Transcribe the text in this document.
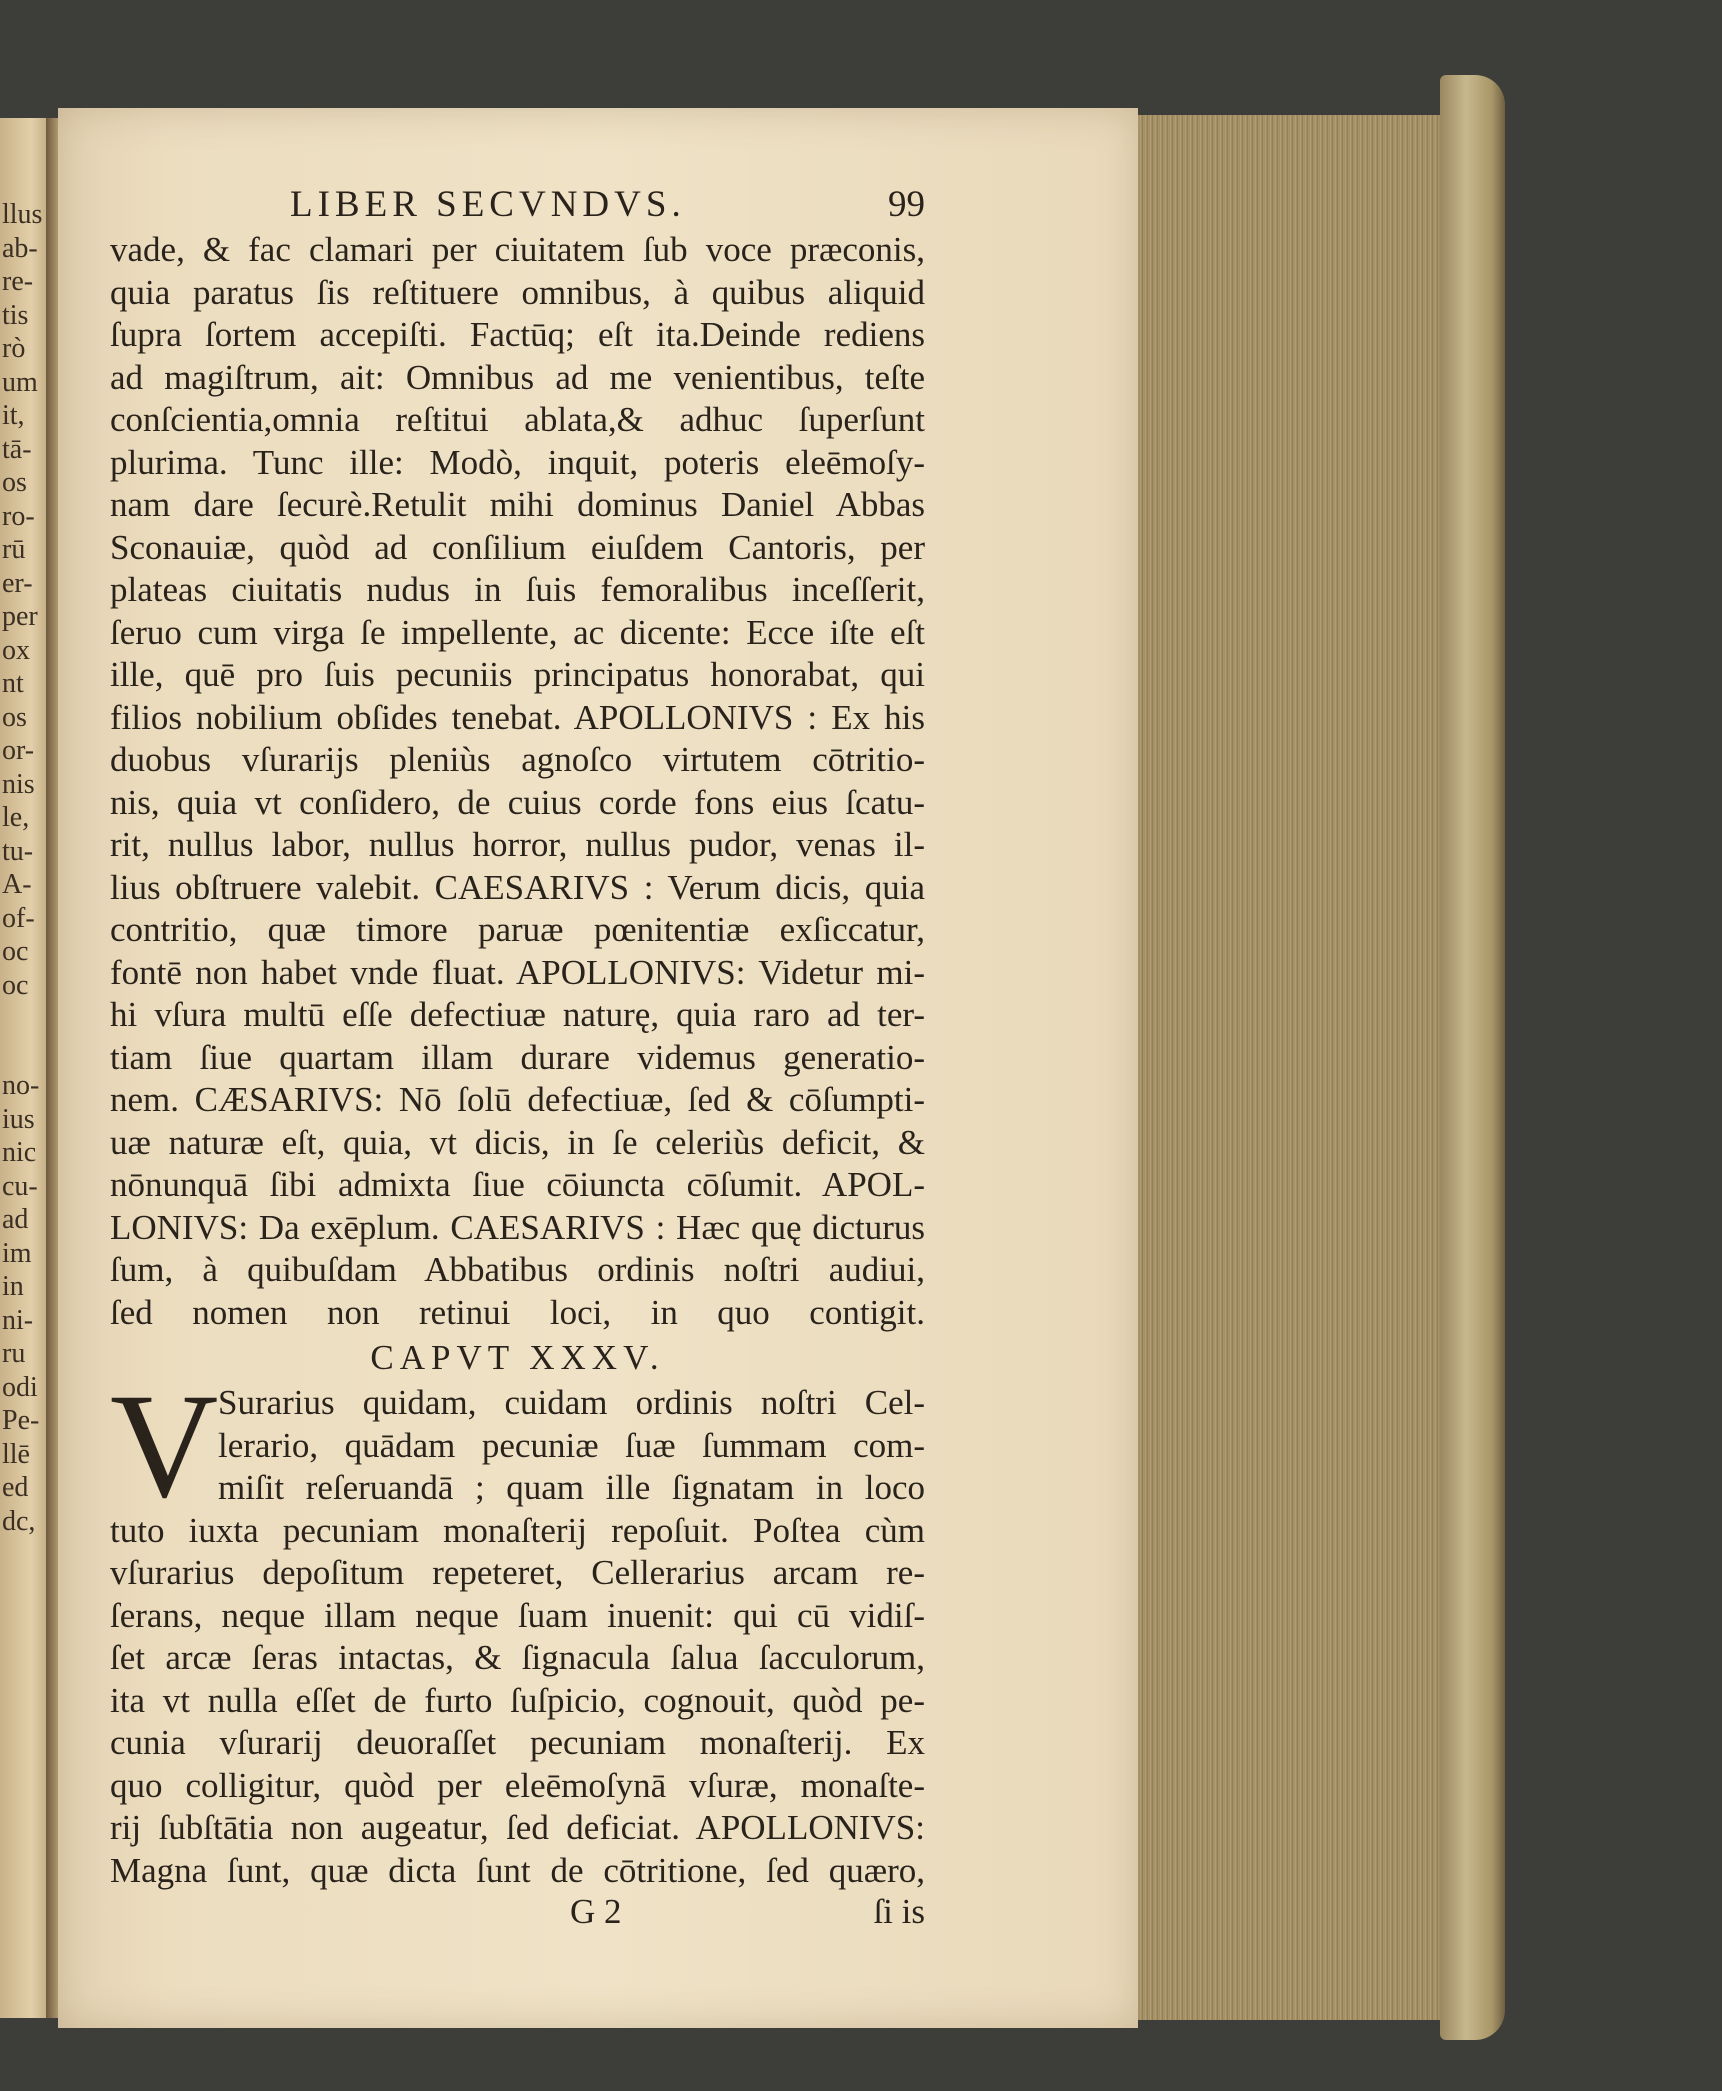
llus
ab-
re-
tis
rò
um
it,
tā-
os
ro-
rū
er-
per
ox
nt
os
or-
nis
le,
tu-
A-
of-
oc
oc
no-
ius
nic
cu-
ad
im
in
ni-
ru
odi
Pe-
llē
ed
dc,
LIBER SECVNDVS.	99
vade, & fac clamari per ciuitatem ſub voce præconis,
quia paratus ſis reſtituere omnibus, à quibus aliquid
ſupra ſortem accepiſti. Factūq; eſt ita.Deinde rediens
ad magiſtrum, ait: Omnibus ad me venientibus, teſte
conſcientia,omnia reſtitui ablata,& adhuc ſuperſunt
plurima. Tunc ille: Modò, inquit, poteris eleēmoſy-
nam dare ſecurè.Retulit mihi dominus Daniel Abbas
Sconauiæ, quòd ad conſilium eiuſdem Cantoris, per
plateas ciuitatis nudus in ſuis femoralibus inceſſerit,
ſeruo cum virga ſe impellente, ac dicente: Ecce iſte eſt
ille, quē pro ſuis pecuniis principatus honorabat, qui
filios nobilium obſides tenebat. APOLLONIVS : Ex his
duobus vſurarijs pleniùs agnoſco virtutem cōtritio-
nis, quia vt conſidero, de cuius corde fons eius ſcatu-
rit, nullus labor, nullus horror, nullus pudor, venas il-
lius obſtruere valebit. CAESARIVS : Verum dicis, quia
contritio, quæ timore paruæ pœnitentiæ exſiccatur,
fontē non habet vnde fluat. APOLLONIVS: Videtur mi-
hi vſura multū eſſe defectiuæ naturę, quia raro ad ter-
tiam ſiue quartam illam durare videmus generatio-
nem. CÆSARIVS: Nō ſolū defectiuæ, ſed & cōſumpti-
uæ naturæ eſt, quia, vt dicis, in ſe celeriùs deficit, &
nōnunquā ſibi admixta ſiue cōiuncta cōſumit. APOL-
LONIVS: Da exēplum. CAESARIVS : Hæc quę dicturus
ſum, à quibuſdam Abbatibus ordinis noſtri audiui,
ſed nomen non retinui loci, in quo contigit.
CAPVT XXXV.
V Surarius quidam, cuidam ordinis noſtri Cel-
lerario, quādam pecuniæ ſuæ ſummam com-
miſit reſeruandā ; quam ille ſignatam in loco
tuto iuxta pecuniam monaſterij repoſuit. Poſtea cùm
vſurarius depoſitum repeteret, Cellerarius arcam re-
ſerans, neque illam neque ſuam inuenit: qui cū vidiſ-
ſet arcæ ſeras intactas, & ſignacula ſalua ſacculorum,
ita vt nulla eſſet de furto ſuſpicio, cognouit, quòd pe-
cunia vſurarij deuoraſſet pecuniam monaſterij. Ex
quo colligitur, quòd per eleēmoſynā vſuræ, monaſte-
rij ſubſtātia non augeatur, ſed deficiat. APOLLONIVS:
Magna ſunt, quæ dicta ſunt de cōtritione, ſed quæro,
G 2	ſi is
